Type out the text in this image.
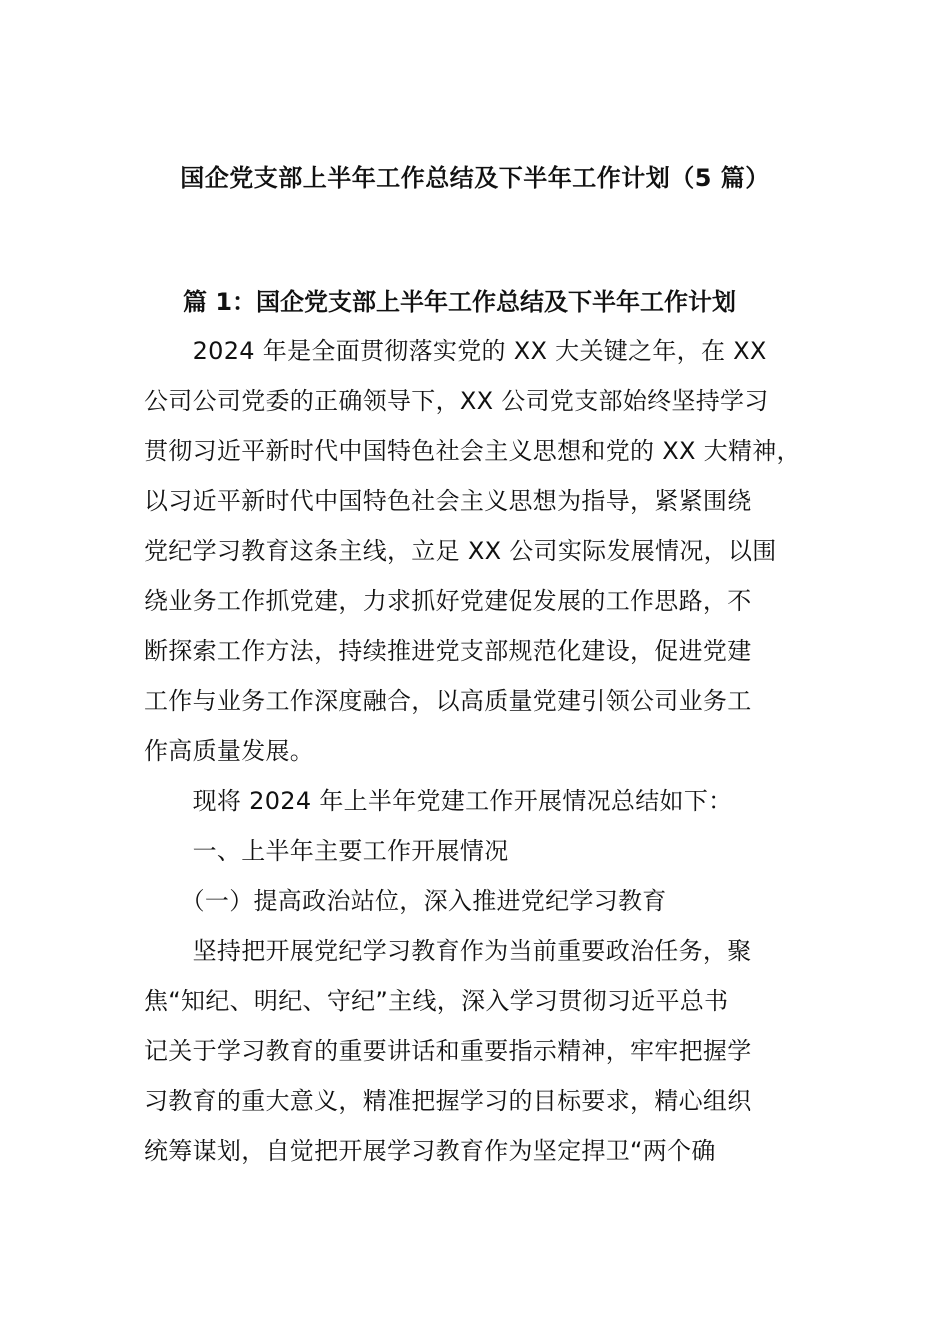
国企党支部上半年工作总结及下半年工作计划（5 篇）
篇 1：国企党支部上半年工作总结及下半年工作计划
　　2024 年是全面贯彻落实党的 XX 大关键之年，在 XX
公司公司党委的正确领导下，XX 公司党支部始终坚持学习
贯彻习近平新时代中国特色社会主义思想和党的 XX 大精神，
以习近平新时代中国特色社会主义思想为指导，紧紧围绕
党纪学习教育这条主线，立足 XX 公司实际发展情况，以围
绕业务工作抓党建，力求抓好党建促发展的工作思路，不
断探索工作方法，持续推进党支部规范化建设，促进党建
工作与业务工作深度融合，以高质量党建引领公司业务工
作高质量发展。
　　现将 2024 年上半年党建工作开展情况总结如下：
　　一、上半年主要工作开展情况
　　（一）提高政治站位，深入推进党纪学习教育
　　坚持把开展党纪学习教育作为当前重要政治任务，聚
焦“知纪、明纪、守纪”主线，深入学习贯彻习近平总书
记关于学习教育的重要讲话和重要指示精神，牢牢把握学
习教育的重大意义，精准把握学习的目标要求，精心组织
统筹谋划，自觉把开展学习教育作为坚定捍卫“两个确
